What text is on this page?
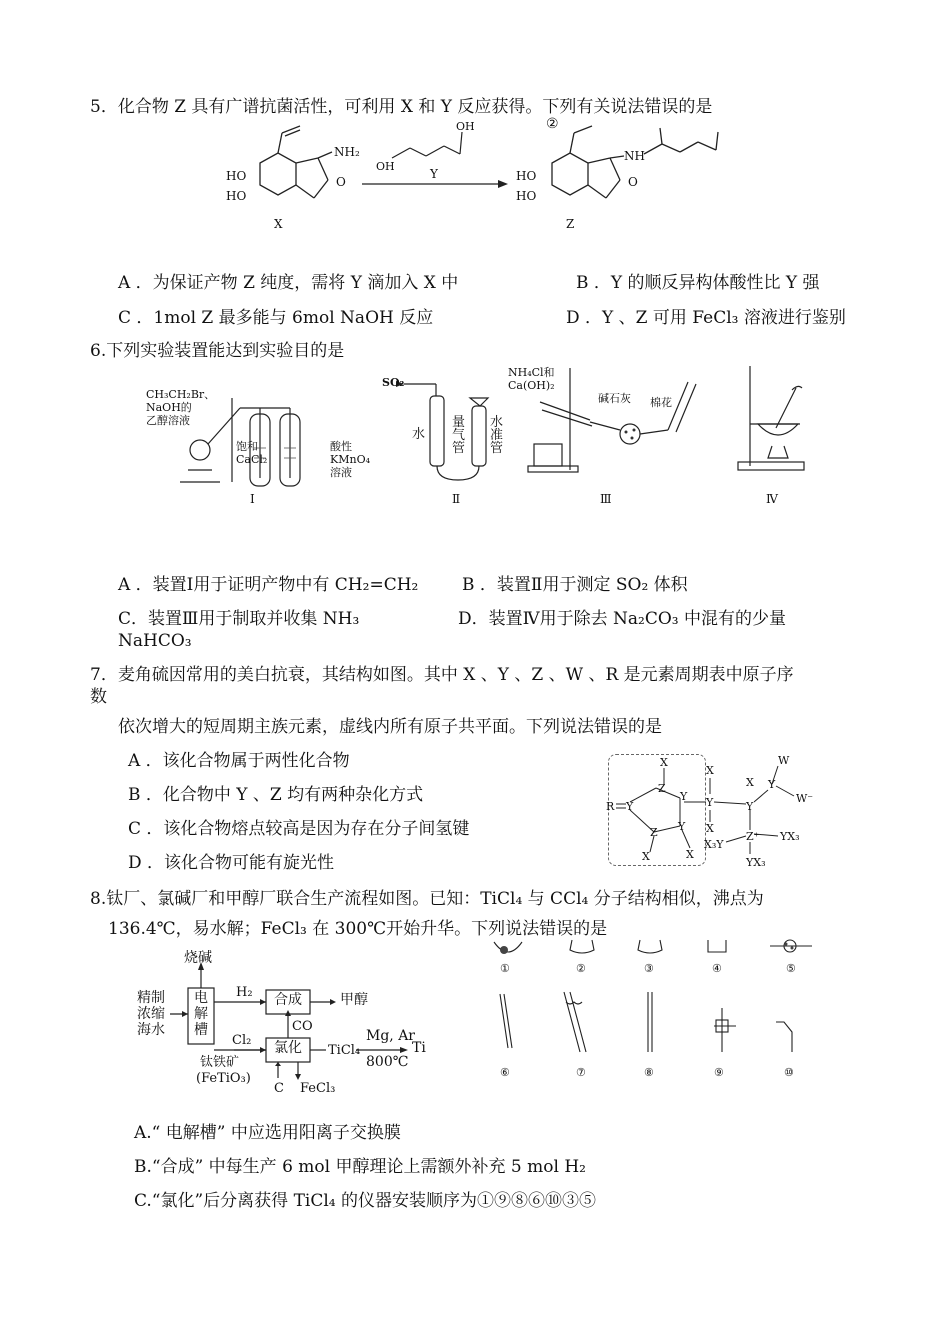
5．化合物 Z 具有广谱抗菌活性，可利用 X 和 Y 反应获得。下列有关说法错误的是
HO
HO
NH₂
O
X
OH
OH
Y
②
HO
HO
NH
O
Z
A ．为保证产物 Z 纯度，需将 Y 滴加入 X 中	B ．Y 的顺反异构体酸性比 Y 强
C ．1mol Z 最多能与 6mol NaOH 反应	D ．Y 、Z 可用 FeCl₃ 溶液进行鉴别
6.下列实验装置能达到实验目的是
CH₃CH₂Br、
NaOH的
乙醇溶液
饱和
CaCl₂
酸性
KMnO₄
溶液
SO₂
水
量气管
水准管
NH₄Cl和
Ca(OH)₂
碱石灰 棉花
Ⅰ	Ⅱ	Ⅲ	Ⅳ
A ．装置Ⅰ用于证明产物中有 CH₂=CH₂	B ．装置Ⅱ用于测定 SO₂ 体积
C．装置Ⅲ用于制取并收集 NH₃	D．装置Ⅳ用于除去 Na₂CO₃ 中混有的少量
NaHCO₃
7．麦角硫因常用的美白抗衰，其结构如图。其中 X 、Y 、Z 、W 、R 是元素周期表中原子序
数
依次增大的短周期主族元素，虚线内所有原子共平面。下列说法错误的是
A ．该化合物属于两性化合物
B ．化合物中 Y 、Z 均有两种杂化方式
C ．该化合物熔点较高是因为存在分子间氢键
D ．该化合物可能有旋光性
R Y
X
Z
Y
Y
Z
X	X
X
Y
X
X
Y
Y
W
W⁻
Z⁺
X₃Y
YX₃
YX₃
8.钛厂、氯碱厂和甲醇厂联合生产流程如图。已知：TiCl₄ 与 CCl₄ 分子结构相似，沸点为
136.4℃，易水解；FeCl₃ 在 300℃开始升华。下列说法错误的是
精制
浓缩
海水
烧碱
电
解
槽
H₂
Cl₂
合成	甲醇
CO
氯化 TiCl₄
Mg, Ar
800℃
Ti
钛铁矿
(FeTiO₃)
C FeCl₃
①	②	③	④	⑤
⑥	⑦	⑧	⑨	⑩
A.“ 电解槽” 中应选用阳离子交换膜
B.“合成” 中每生产 6 mol 甲醇理论上需额外补充 5 mol H₂
C.“氯化”后分离获得 TiCl₄ 的仪器安装顺序为①⑨⑧⑥⑩③⑤
